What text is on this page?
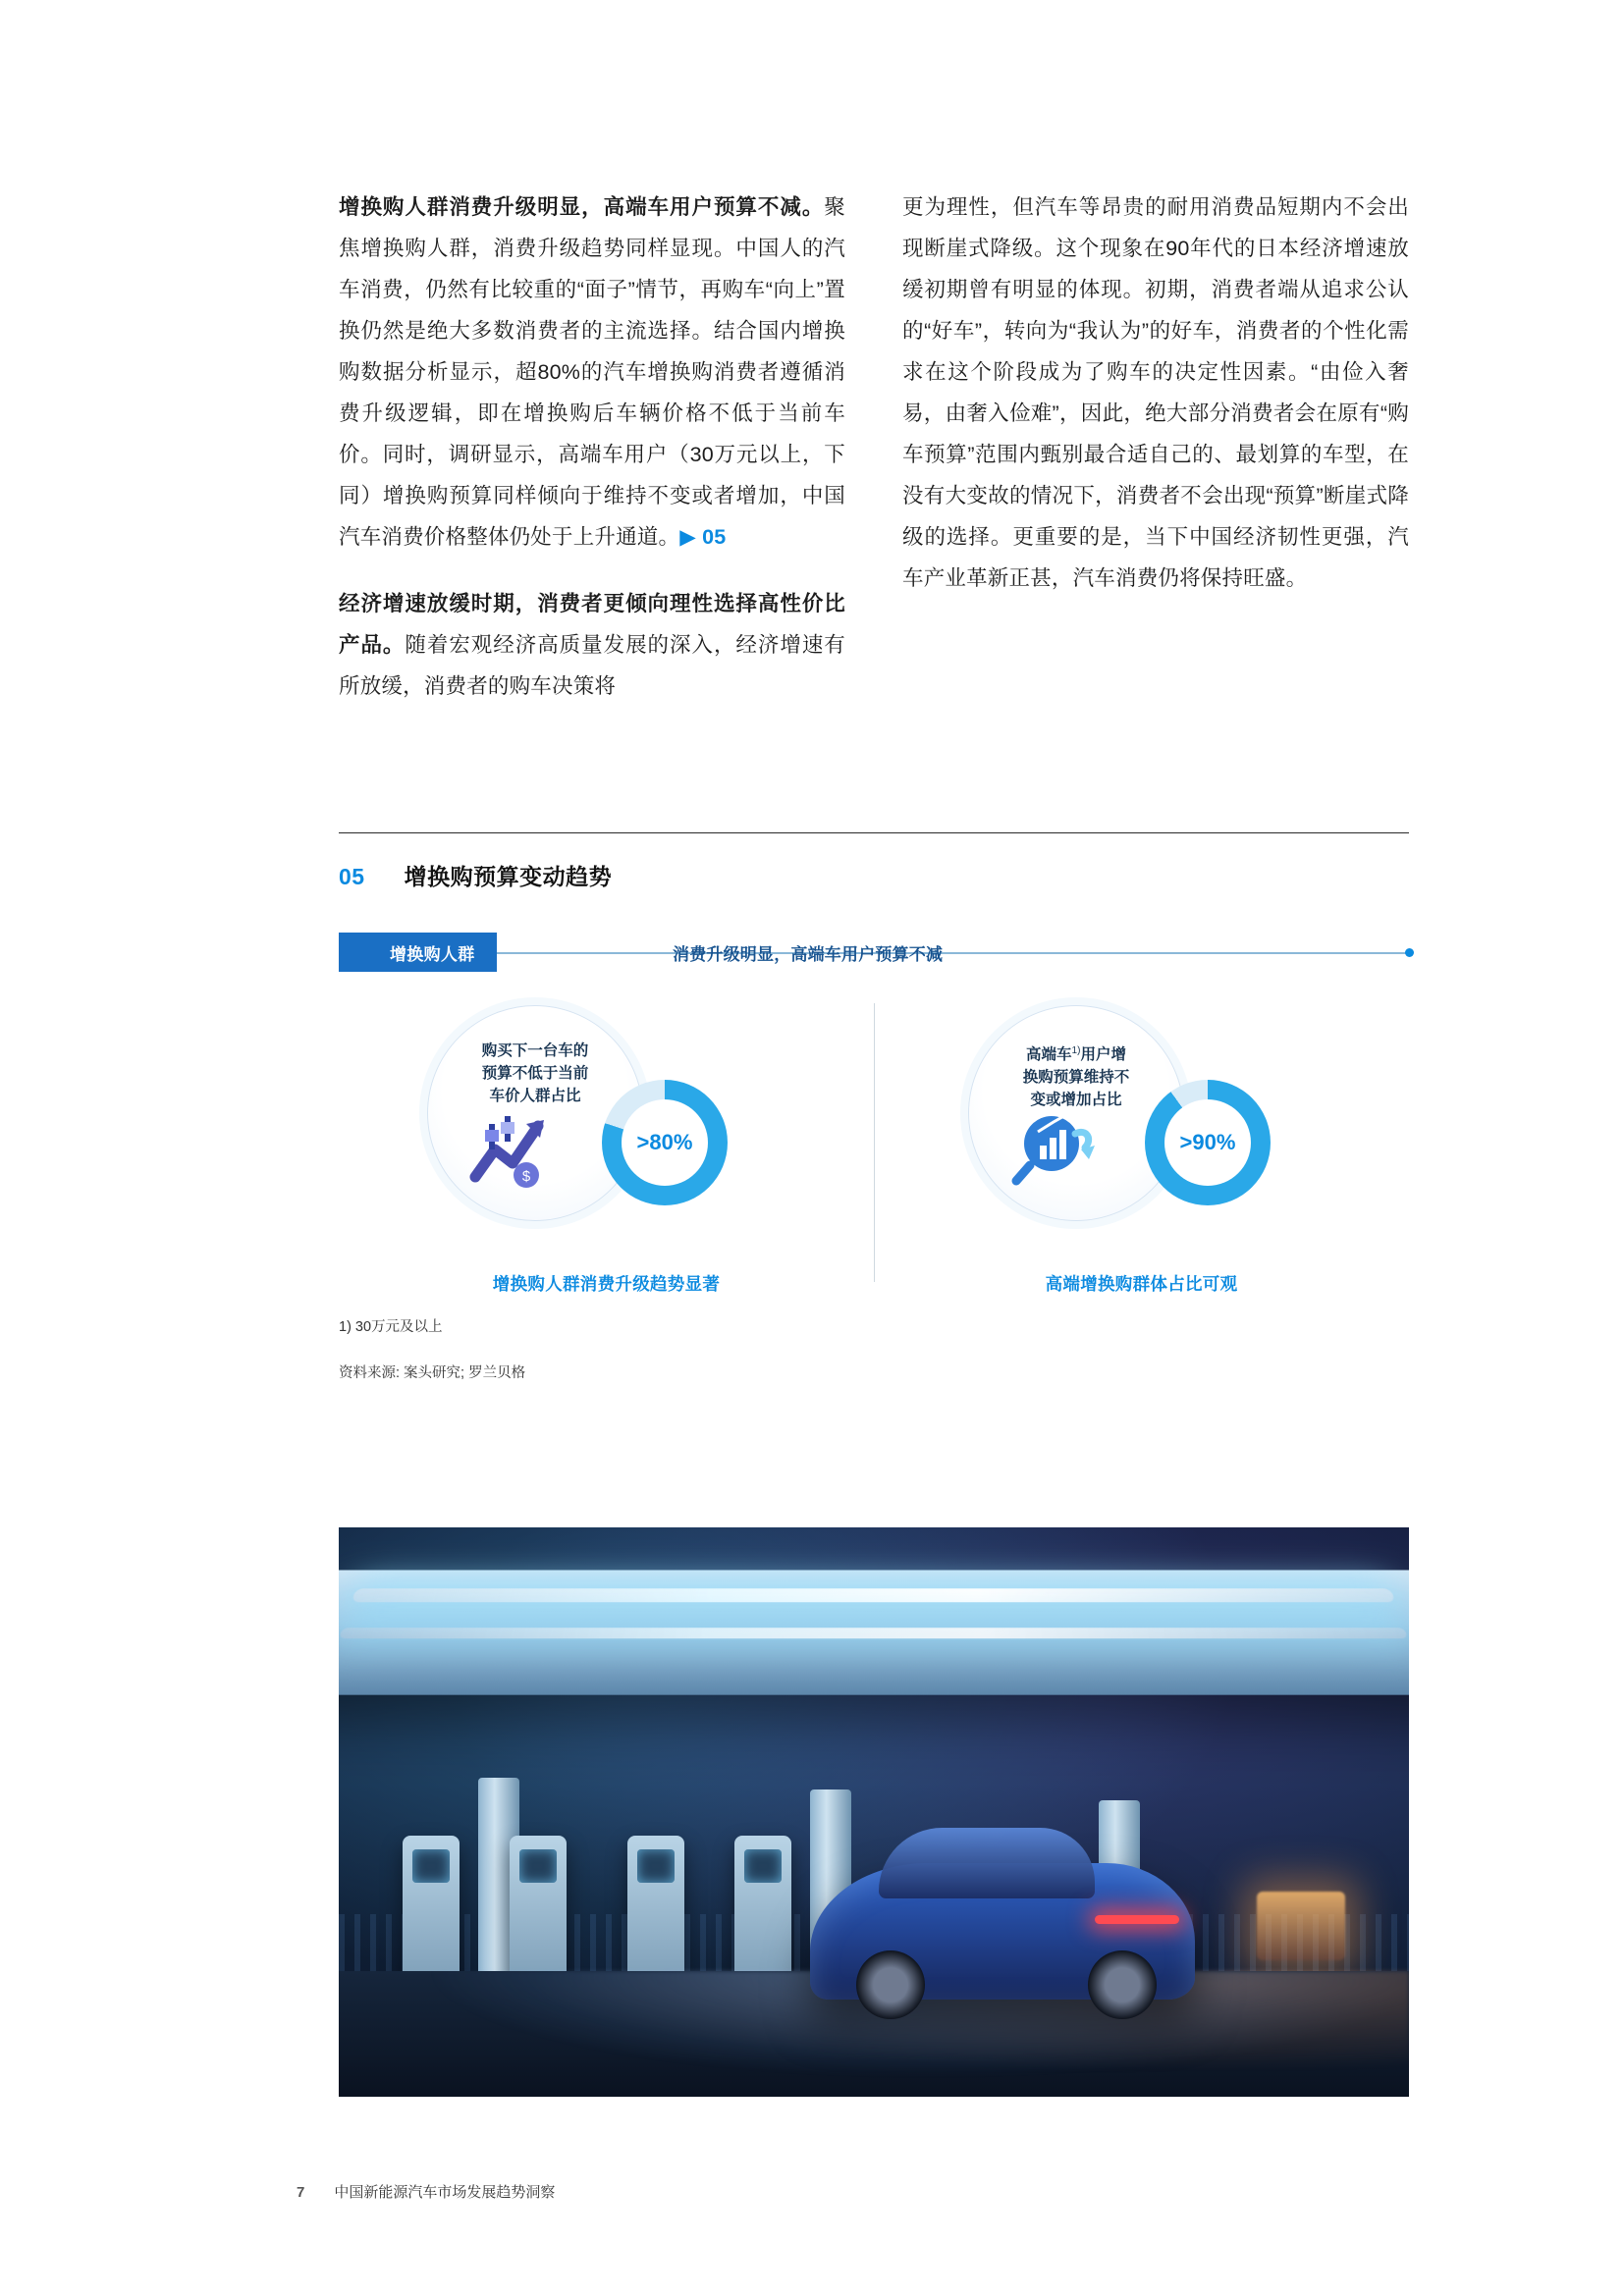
增换购人群消费升级明显，高端车用户预算不减。聚焦增换购人群，消费升级趋势同样显现。中国人的汽车消费，仍然有比较重的“面子”情节，再购车“向上”置换仍然是绝大多数消费者的主流选择。结合国内增换购数据分析显示，超80%的汽车增换购消费者遵循消费升级逻辑，即在增换购后车辆价格不低于当前车价。同时，调研显示，高端车用户（30万元以上，下同）增换购预算同样倾向于维持不变或者增加，中国汽车消费价格整体仍处于上升通道。▶ 05

经济增速放缓时期，消费者更倾向理性选择高性价比产品。随着宏观经济高质量发展的深入，经济增速有所放缓，消费者的购车决策将

更为理性，但汽车等昂贵的耐用消费品短期内不会出现断崖式降级。这个现象在90年代的日本经济增速放缓初期曾有明显的体现。初期，消费者端从追求公认的“好车”，转向为“我认为”的好车，消费者的个性化需求在这个阶段成为了购车的决定性因素。“由俭入奢易，由奢入俭难”，因此，绝大部分消费者会在原有“购车预算”范围内甄别最合适自己的、最划算的车型，在没有大变故的情况下，消费者不会出现“预算”断崖式降级的选择。更重要的是，当下中国经济韧性更强，汽车产业革新正甚，汽车消费仍将保持旺盛。

05 增换购预算变动趋势
增换购人群	消费升级明显，高端车用户预算不减
购买下一台车的
预算不低于当前
车价人群占比
$
>80%
增换购人群消费升级趋势显著
高端车$^{1)}$用户增
换购预算维持不
变或增加占比
>90%
高端增换购群体占比可观
1) 30万元及以上
资料来源: 案头研究; 罗兰贝格
7 中国新能源汽车市场发展趋势洞察
